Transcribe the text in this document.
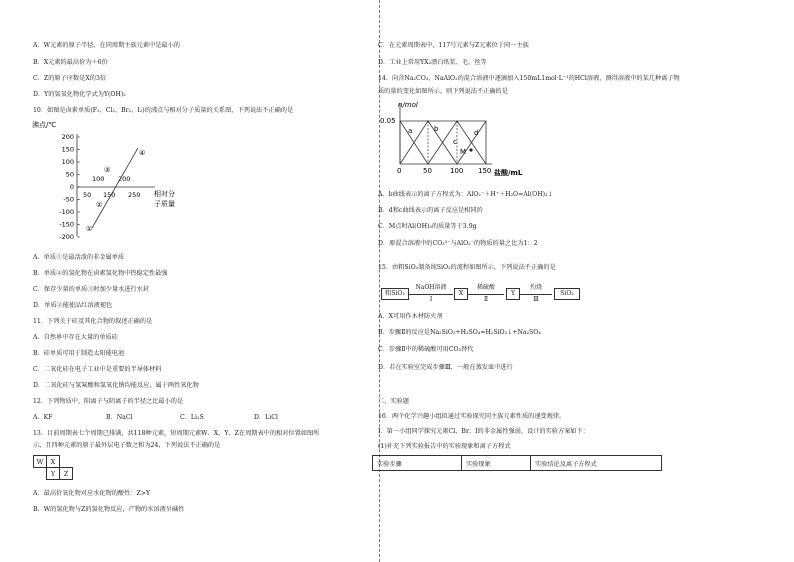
A．W元素的原子半径，在同周期主族元素中是最小的
B．X元素的最高价为＋6价
C．Z的原子序数是X的3倍
D．Y的氢氧化物化学式为Y(OH)₂
10．如图是卤素单质(F₂、Cl₂、Br₂、I₂)的沸点与相对分子质量的关系图，下列说法不正确的是
沸点/℃
200
150
100
50
0
-50
-100
-150
-200
50
100 200
250
150	相对分
子质量
①
②
③
④
A．单质①是最活泼的非金属单质
B．单质④的氢化物在卤素氢化物中热稳定性最强
C．保存少量的单质③时加少量水进行水封
D．单质②能使品红溶液褪色
11．下列关于硅及其化合物的叙述正确的是
A．自然界中存在大量的单质硅
B．硅单质可用于制造太阳能电池
C．二氧化硅在电子工业中是重要的半导体材料
D．二氧化硅与氢氟酸和氢氧化钠均能反应，属于两性氧化物
12．下列物质中，阳离子与阴离子的半径之比最小的是
A．KF	B．NaCl	C．Li₂S	D．LiCl
13．目前周期表七个周期已排满，共118种元素，短周期元素W、X、Y、Z在周期表中的相对位置如图所
示，且四种元素的原子最外层电子数之和为24，下列说法不正确的是
W	X	
	Y	Z
A．最高价氧化物对应水化物的酸性：Z>Y
B．W的氢化物与Z的氢化物反应，产物的水溶液呈碱性
C．在元素周期表中，117号元素与Z元素位于同一主族
D．工业上常用YX₂漂白纸浆、毛、丝等
14．向含Na₂CO₃、NaAlO₂的混合溶液中逐滴加入150mL1mol·L⁻¹的HCl溶液，测得溶液中的某几种离子物
质的量的变化如图所示，则下列说法不正确的是
n/mol
0.05
a	b
c
d
M
0	50	100 150 盐酸/mL
A．b曲线表示的离子方程式为：AlO₂⁻＋H⁺＋H₂O=Al(OH)₃↓
B．d和c曲线表示的离子反应是相同的
C．M点时Al(OH)₃的质量等于3.9g
D．原混合溶液中的CO₃²⁻与AlO₂⁻的物质的量之比为1：2
15．由粗SiO₂制备纯SiO₂的流程如图所示，下列说法不正确的是
粗SiO₂
NaOH溶液
Ⅰ
X
稀硫酸
Ⅱ
Y
灼烧
Ⅲ
SiO₂
A．X可用作木材防火剂
B．步骤Ⅱ的反应是Na₂SiO₃+H₂SO₄=H₂SiO₃↓+Na₂SO₄
C．步骤Ⅱ中的稀硫酸可用CO₂替代
D．若在实验室完成步骤Ⅲ，一般在蒸发皿中进行
二、实验题
16．两个化学兴趣小组拟通过实验探究同主族元素性质的递变规律。
Ⅰ．第一小组同学探究元素Cl、Br、I的非金属性强弱，设计的实验方案如下：
(1)补充下列实验报告中的实验现象和离子方程式
实验步骤	实验现象	实验结论及离子方程式
